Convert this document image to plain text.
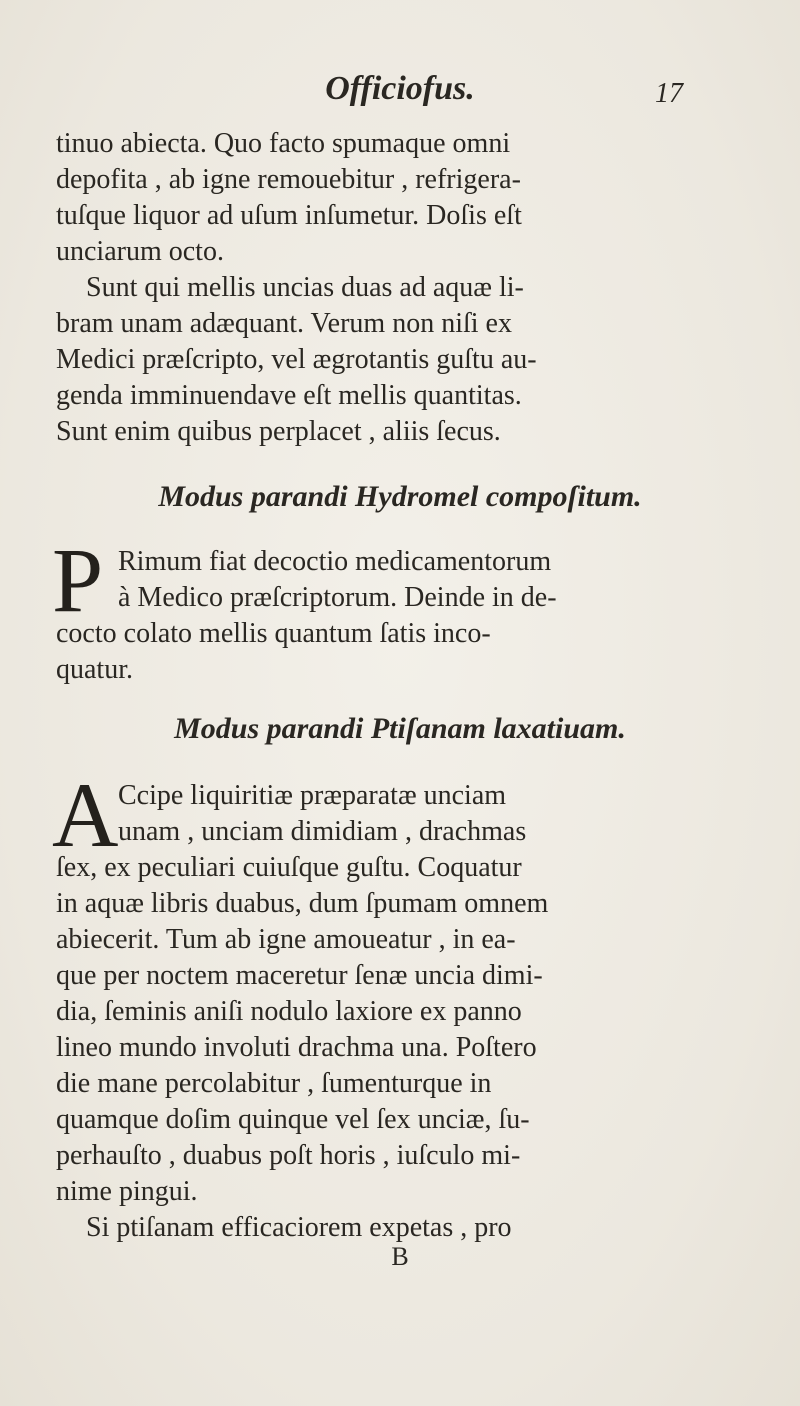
Officiofus.	17
tinuo abiecta. Quo facto spumaque omni
depofita , ab igne remouebitur , refrigera-
tuſque liquor ad uſum inſumetur. Doſis eſt
unciarum octo.
Sunt qui mellis uncias duas ad aquæ li-
bram unam adæquant. Verum non niſi ex
Medici præſcripto, vel ægrotantis guſtu au-
genda imminuendave eſt mellis quantitas.
Sunt enim quibus perplacet , aliis ſecus.
Modus parandi Hydromel compoſitum.
P Rimum fiat decoctio medicamentorum
à Medico præſcriptorum. Deinde in de-
cocto colato mellis quantum ſatis inco-
quatur.
Modus parandi Ptiſanam laxatiuam.
A Ccipe liquiritiæ præparatæ unciam
unam , unciam dimidiam , drachmas
ſex, ex peculiari cuiuſque guſtu. Coquatur
in aquæ libris duabus, dum ſpumam omnem
abiecerit. Tum ab igne amoueatur , in ea-
que per noctem maceretur ſenæ uncia dimi-
dia, ſeminis aniſi nodulo laxiore ex panno
lineo mundo involuti drachma una. Poſtero
die mane percolabitur , ſumenturque in
quamque doſim quinque vel ſex unciæ, ſu-
perhauſto , duabus poſt horis , iuſculo mi-
nime pingui.
Si ptiſanam efficaciorem expetas , pro
B
